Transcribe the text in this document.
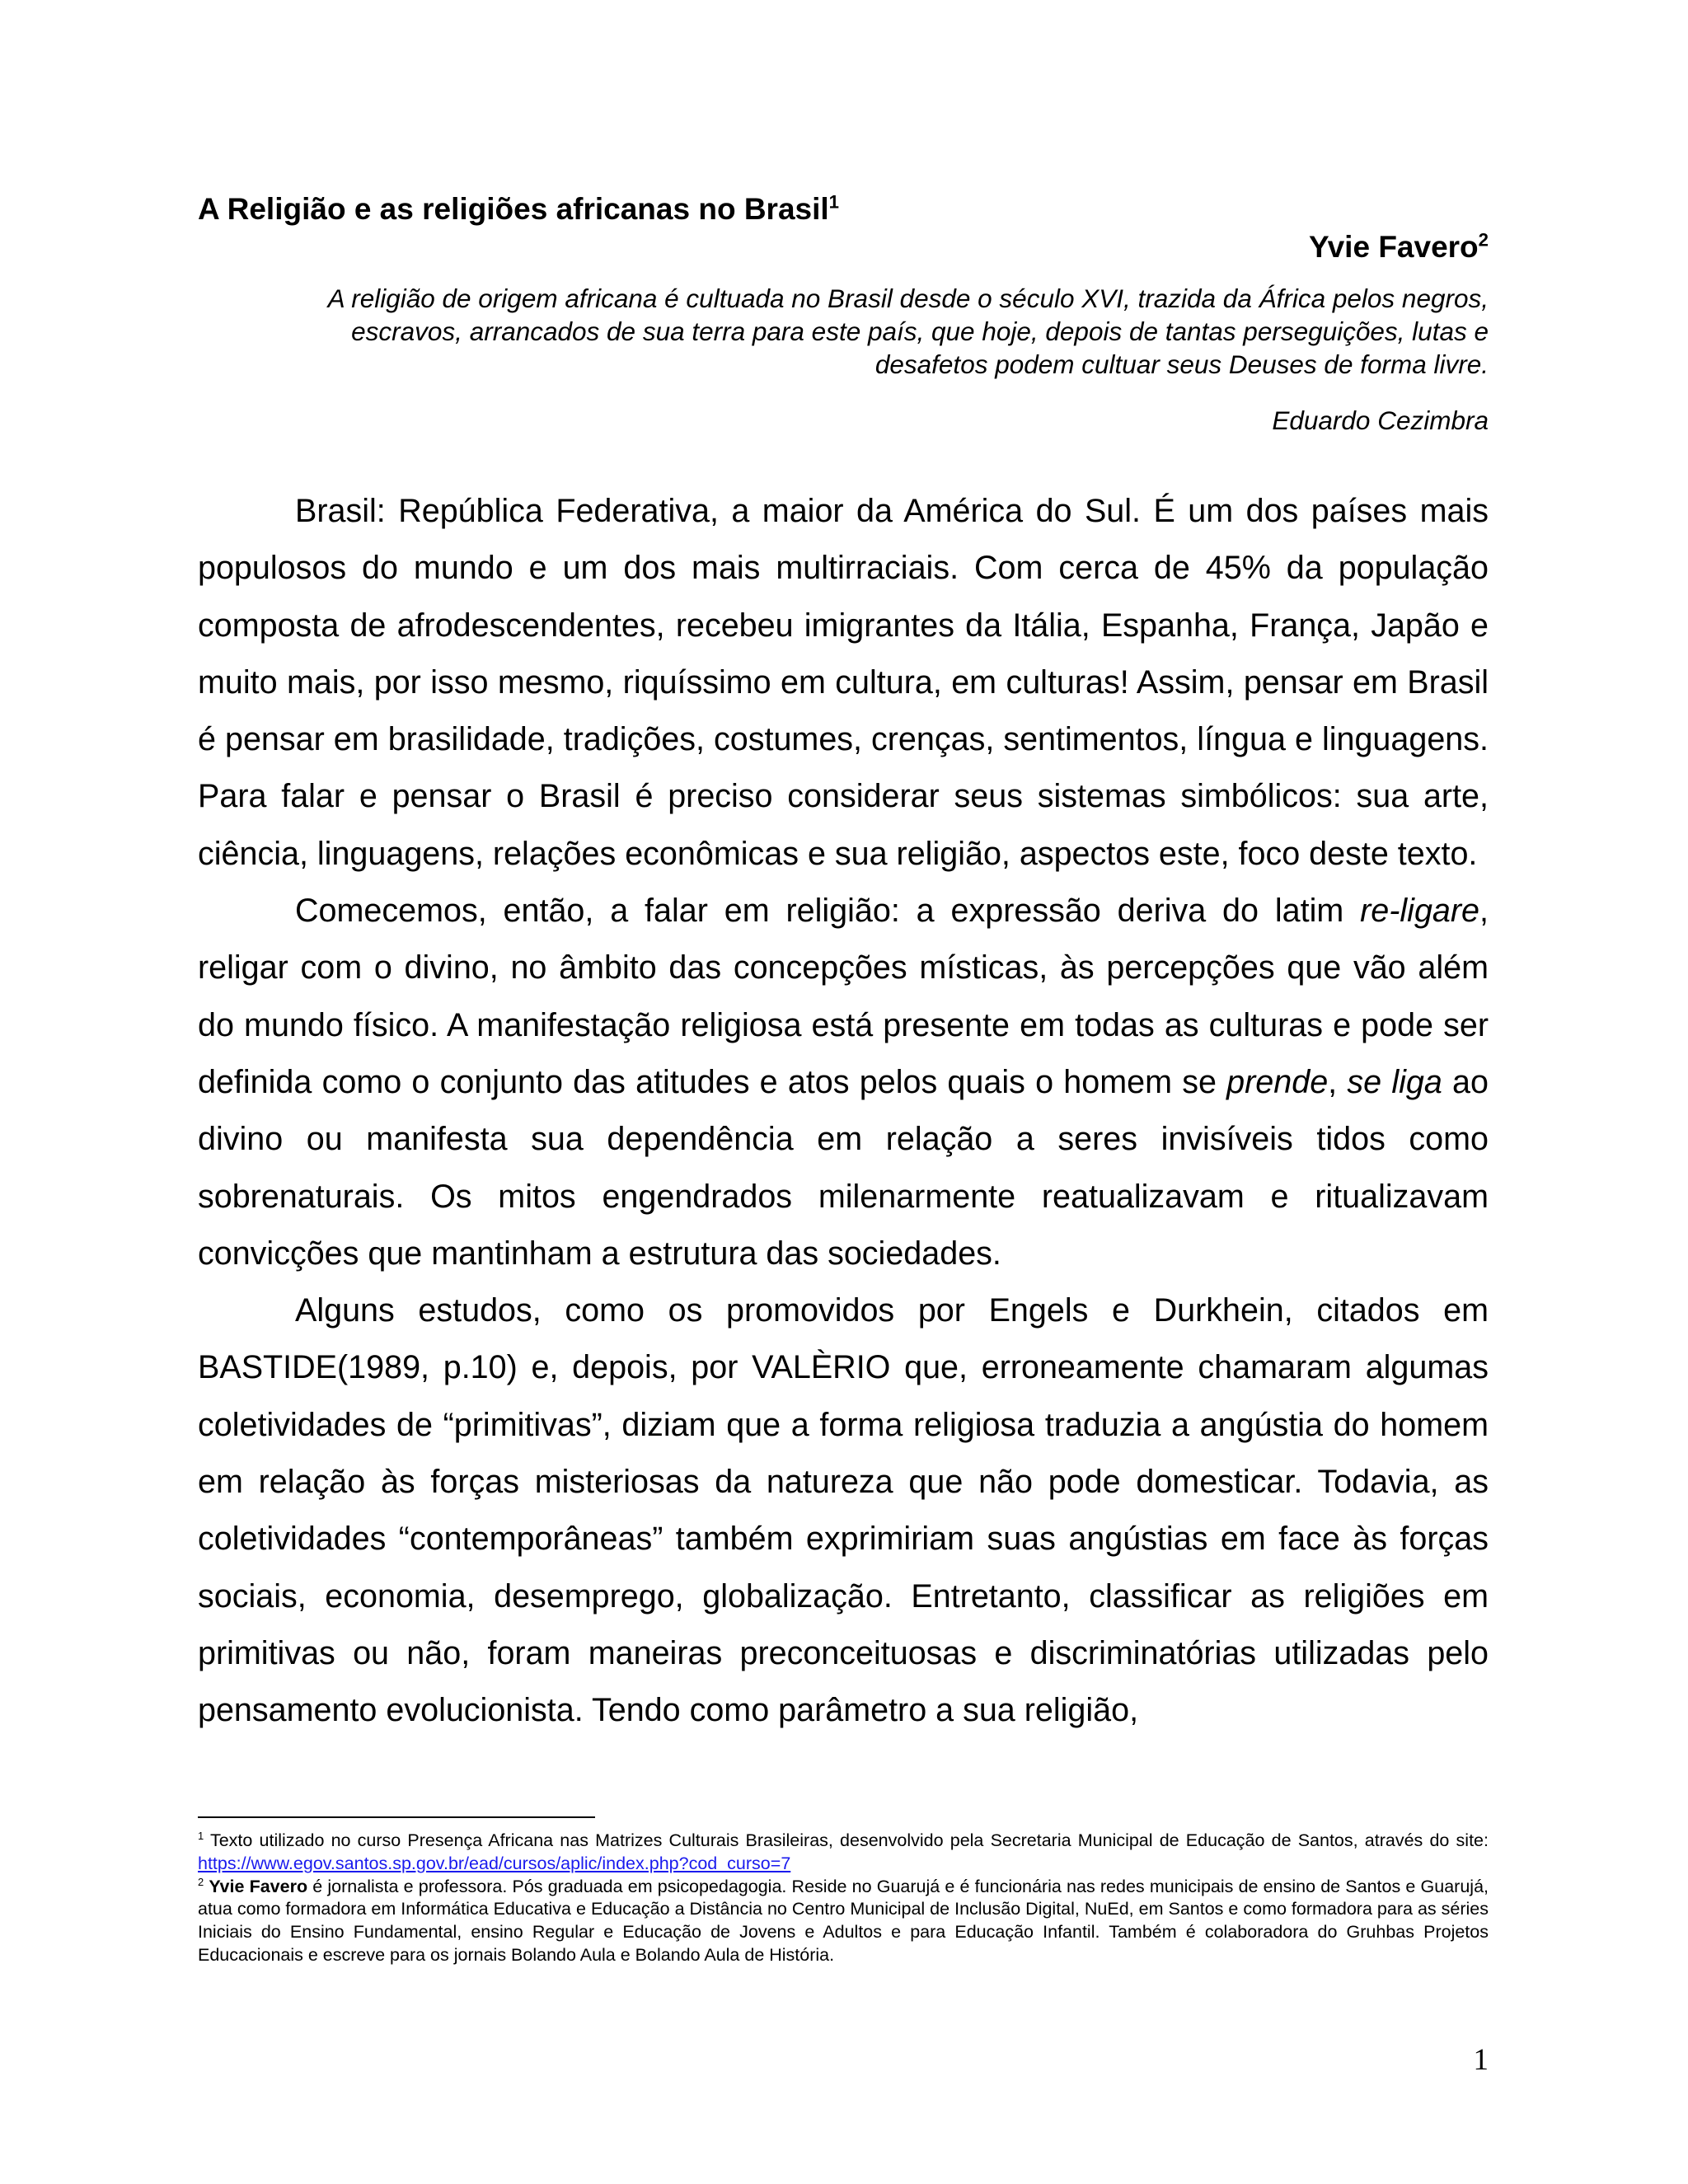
A Religião e as religiões africanas no Brasil$^1$
Yvie Favero$^2$
A religião de origem africana é cultuada no Brasil desde o século XVI, trazida da África pelos negros, escravos, arrancados de sua terra para este país, que hoje, depois de tantas perseguições, lutas e desafetos podem cultuar seus Deuses de forma livre.
Eduardo Cezimbra

Brasil: República Federativa, a maior da América do Sul. É um dos países mais populosos do mundo e um dos mais multirraciais. Com cerca de 45% da população composta de afrodescendentes, recebeu imigrantes da Itália, Espanha, França, Japão e muito mais, por isso mesmo, riquíssimo em cultura, em culturas! Assim, pensar em Brasil é pensar em brasilidade, tradições, costumes, crenças, sentimentos, língua e linguagens. Para falar e pensar o Brasil é preciso considerar seus sistemas simbólicos: sua arte, ciência, linguagens, relações econômicas e sua religião, aspectos este, foco deste texto.

Comecemos, então, a falar em religião: a expressão deriva do latim re-ligare, religar com o divino, no âmbito das concepções místicas, às percepções que vão além do mundo físico. A manifestação religiosa está presente em todas as culturas e pode ser definida como o conjunto das atitudes e atos pelos quais o homem se prende, se liga ao divino ou manifesta sua dependência em relação a seres invisíveis tidos como sobrenaturais. Os mitos engendrados milenarmente reatualizavam e ritualizavam convicções que mantinham a estrutura das sociedades.

Alguns estudos, como os promovidos por Engels e Durkhein, citados em BASTIDE(1989, p.10) e, depois, por VALÈRIO que, erroneamente chamaram algumas coletividades de “primitivas”, diziam que a forma religiosa traduzia a angústia do homem em relação às forças misteriosas da natureza que não pode domesticar. Todavia, as coletividades “contemporâneas” também exprimiriam suas angústias em face às forças sociais, economia, desemprego, globalização. Entretanto, classificar as religiões em primitivas ou não, foram maneiras preconceituosas e discriminatórias utilizadas pelo pensamento evolucionista. Tendo como parâmetro a sua religião,

$^1$ Texto utilizado no curso Presença Africana nas Matrizes Culturais Brasileiras, desenvolvido pela Secretaria Municipal de Educação de Santos, através do site: https://www.egov.santos.sp.gov.br/ead/cursos/aplic/index.php?cod_curso=7

$^2$ Yvie Favero é jornalista e professora. Pós graduada em psicopedagogia. Reside no Guarujá e é funcionária nas redes municipais de ensino de Santos e Guarujá, atua como formadora em Informática Educativa e Educação a Distância no Centro Municipal de Inclusão Digital, NuEd, em Santos e como formadora para as séries Iniciais do Ensino Fundamental, ensino Regular e Educação de Jovens e Adultos e para Educação Infantil. Também é colaboradora do Gruhbas Projetos Educacionais e escreve para os jornais Bolando Aula e Bolando Aula de História.

1
